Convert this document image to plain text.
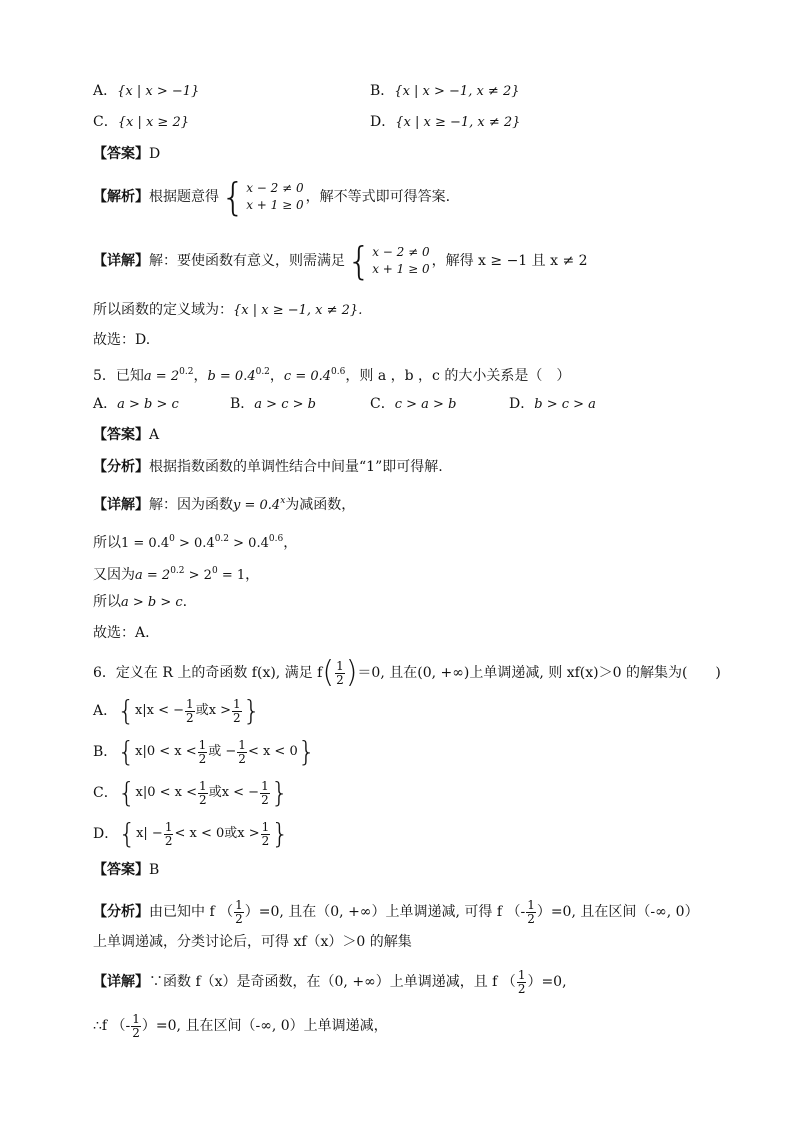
A．{x | x > −1}	B．{x | x > −1, x ≠ 2}
C．{x | x ≥ 2}	D．{x | x ≥ −1, x ≠ 2}
【答案】D
【解析】根据题意得 { x − 2 ≠ 0
x + 1 ≥ 0 ，解不等式即可得答案.
【详解】解：要使函数有意义，则需满足 { x − 2 ≠ 0
x + 1 ≥ 0 ，解得 x ≥ −1 且 x ≠ 2
所以函数的定义域为：{x | x ≥ −1, x ≠ 2}.
故选：D.
5．已知$a = 2^{0.2}$，$b = 0.4^{0.2}$，$c = 0.4^{0.6}$，则 a ，b ，c 的大小关系是（　）
A．a > b > c	B．a > c > b	C．c > a > b	D．b > c > a
【答案】A
【分析】根据指数函数的单调性结合中间量“1”即可得解.
【详解】解：因为函数$y = 0.4^x$为减函数，
所以$1 = 0.4^0 > 0.4^{0.2} > 0.4^{0.6}$，
又因为$a = 2^{0.2} > 2^0 = 1$，
所以a > b > c.
故选：A.
6．定义在 R 上的奇函数 f(x), 满足 f ( $\frac{1}{2}$ ) ＝0, 且在(0, +∞)上单调递减, 则 xf(x)＞0 的解集为(　　)
A． { x|x < − $\frac{1}{2}$ 或$x > \frac{1}{2}$ }
B． { $x|0 < x < \frac{1}{2}$ 或 − $\frac{1}{2} < x < 0$ }
C． { $x|0 < x < \frac{1}{2}$ 或x < − $\frac{1}{2}$ }
D． { $x| - \frac{1}{2} < x < 0$或$x > \frac{1}{2}$ }
【答案】B
【分析】 由已知中 f （ $\frac{1}{2} )=0$, 且在（0, +∞）上单调递减, 可得 f （- $\frac{1}{2} )=0$, 且在区间（-∞, 0）
上单调递减，分类讨论后，可得 xf（x）＞0 的解集
【详解】 ∵函数 f（x）是奇函数，在（0, +∞）上单调递减，且 f （ $\frac{1}{2} )=0$,
∴f （- $\frac{1}{2} )=0$, 且在区间（-∞, 0）上单调递减，
